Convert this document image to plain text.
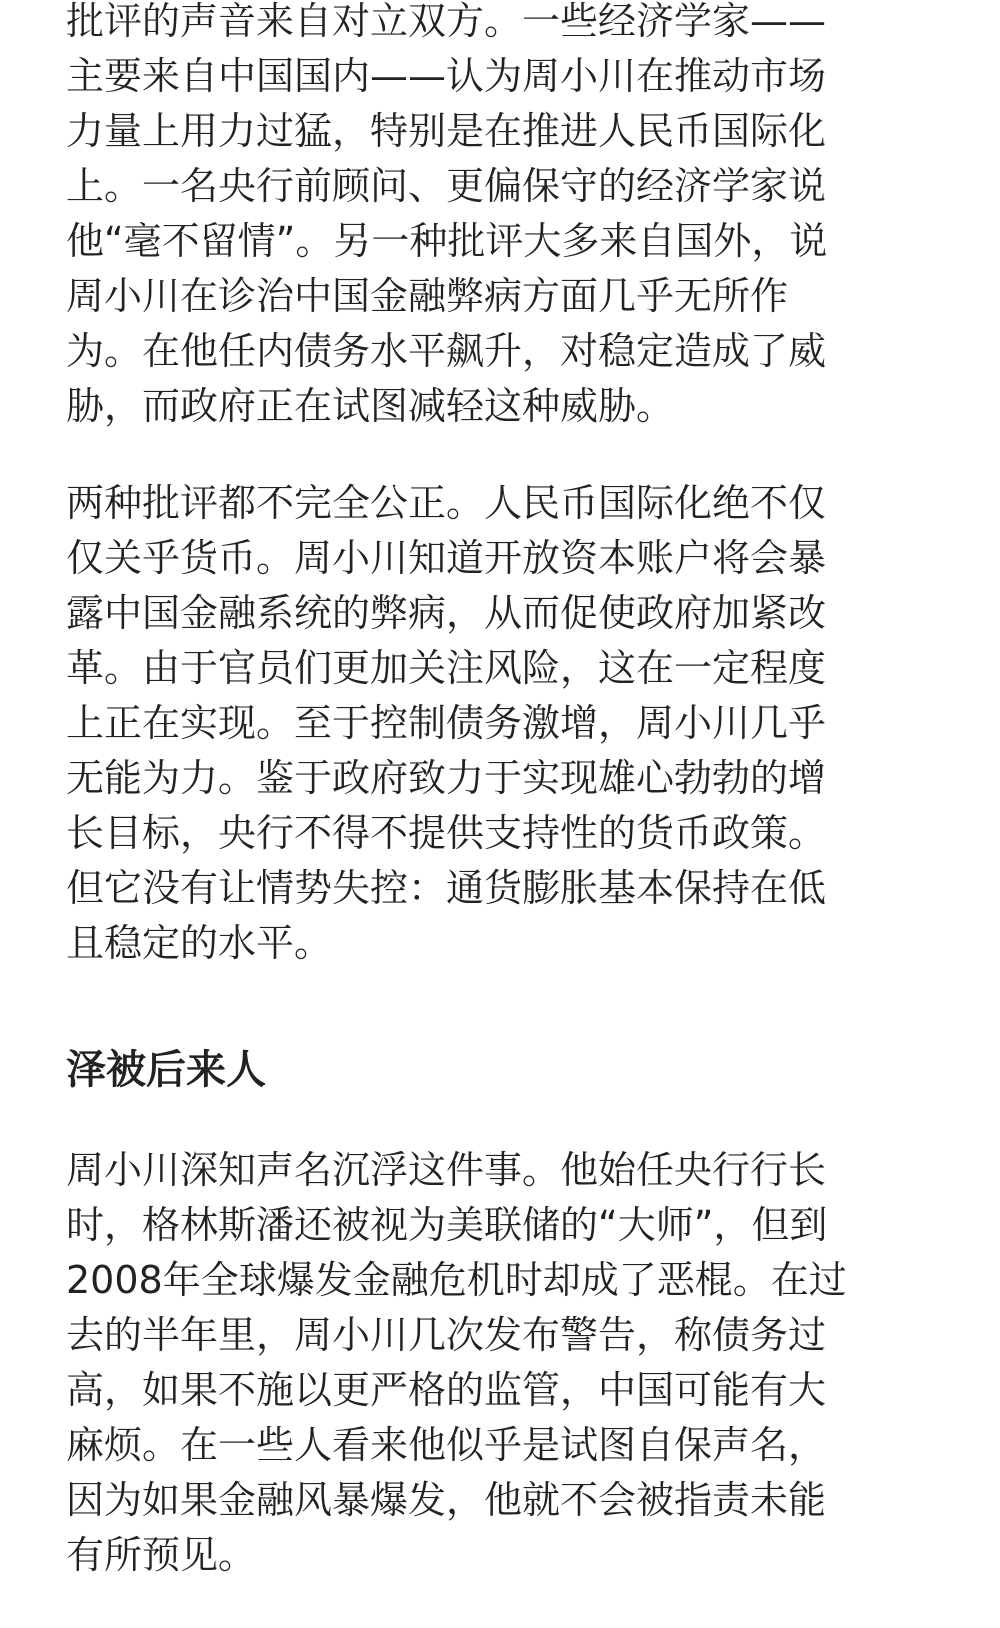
批评的声音来自对立双方。一些经济学家——
主要来自中国国内——认为周小川在推动市场
力量上用力过猛，特别是在推进人民币国际化
上。一名央行前顾问、更偏保守的经济学家说
他“毫不留情”。另一种批评大多来自国外，说
周小川在诊治中国金融弊病方面几乎无所作
为。在他任内债务水平飙升，对稳定造成了威
胁，而政府正在试图减轻这种威胁。

两种批评都不完全公正。人民币国际化绝不仅
仅关乎货币。周小川知道开放资本账户将会暴
露中国金融系统的弊病，从而促使政府加紧改
革。由于官员们更加关注风险，这在一定程度
上正在实现。至于控制债务激增，周小川几乎
无能为力。鉴于政府致力于实现雄心勃勃的增
长目标，央行不得不提供支持性的货币政策。
但它没有让情势失控：通货膨胀基本保持在低
且稳定的水平。

泽被后来人

周小川深知声名沉浮这件事。他始任央行行长
时，格林斯潘还被视为美联储的“大师”，但到
2008年全球爆发金融危机时却成了恶棍。在过
去的半年里，周小川几次发布警告，称债务过
高，如果不施以更严格的监管，中国可能有大
麻烦。在一些人看来他似乎是试图自保声名，
因为如果金融风暴爆发，他就不会被指责未能
有所预见。
